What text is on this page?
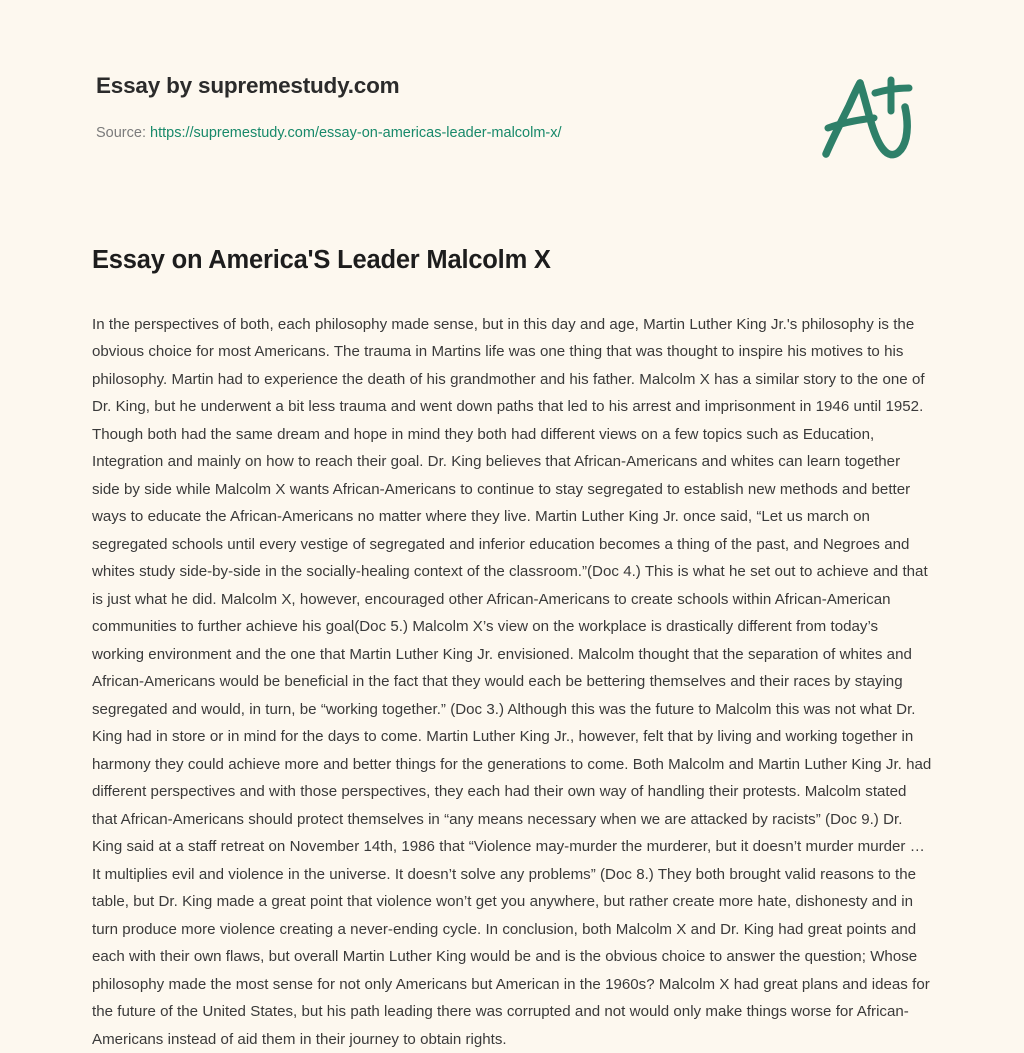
Essay by supremestudy.com
Source: https://supremestudy.com/essay-on-americas-leader-malcolm-x/
Essay on America'S Leader Malcolm X

In the perspectives of both, each philosophy made sense, but in this day and age, Martin Luther King Jr.'s philosophy is the obvious choice for most Americans. The trauma in Martins life was one thing that was thought to inspire his motives to his philosophy. Martin had to experience the death of his grandmother and his father. Malcolm X has a similar story to the one of Dr. King, but he underwent a bit less trauma and went down paths that led to his arrest and imprisonment in 1946 until 1952. Though both had the same dream and hope in mind they both had different views on a few topics such as Education, Integration and mainly on how to reach their goal. Dr. King believes that African-Americans and whites can learn together side by side while Malcolm X wants African-Americans to continue to stay segregated to establish new methods and better ways to educate the African-Americans no matter where they live. Martin Luther King Jr. once said, “Let us march on segregated schools until every vestige of segregated and inferior education becomes a thing of the past, and Negroes and whites study side-by-side in the socially-healing context of the classroom.”(Doc 4.) This is what he set out to achieve and that is just what he did. Malcolm X, however, encouraged other African-Americans to create schools within African-American communities to further achieve his goal(Doc 5.) Malcolm X’s view on the workplace is drastically different from today’s working environment and the one that Martin Luther King Jr. envisioned. Malcolm thought that the separation of whites and African-Americans would be beneficial in the fact that they would each be bettering themselves and their races by staying segregated and would, in turn, be “working together.” (Doc 3.) Although this was the future to Malcolm this was not what Dr. King had in store or in mind for the days to come. Martin Luther King Jr., however, felt that by living and working together in harmony they could achieve more and better things for the generations to come. Both Malcolm and Martin Luther King Jr. had different perspectives and with those perspectives, they each had their own way of handling their protests. Malcolm stated that African-Americans should protect themselves in “any means necessary when we are attacked by racists” (Doc 9.) Dr. King said at a staff retreat on November 14th, 1986 that “Violence may-murder the murderer, but it doesn’t murder murder … It multiplies evil and violence in the universe. It doesn’t solve any problems” (Doc 8.) They both brought valid reasons to the table, but Dr. King made a great point that violence won’t get you anywhere, but rather create more hate, dishonesty and in turn produce more violence creating a never-ending cycle. In conclusion, both Malcolm X and Dr. King had great points and each with their own flaws, but overall Martin Luther King would be and is the obvious choice to answer the question; Whose philosophy made the most sense for not only Americans but American in the 1960s? Malcolm X had great plans and ideas for the future of the United States, but his path leading there was corrupted and not would only make things worse for African-Americans instead of aid them in their journey to obtain rights.
